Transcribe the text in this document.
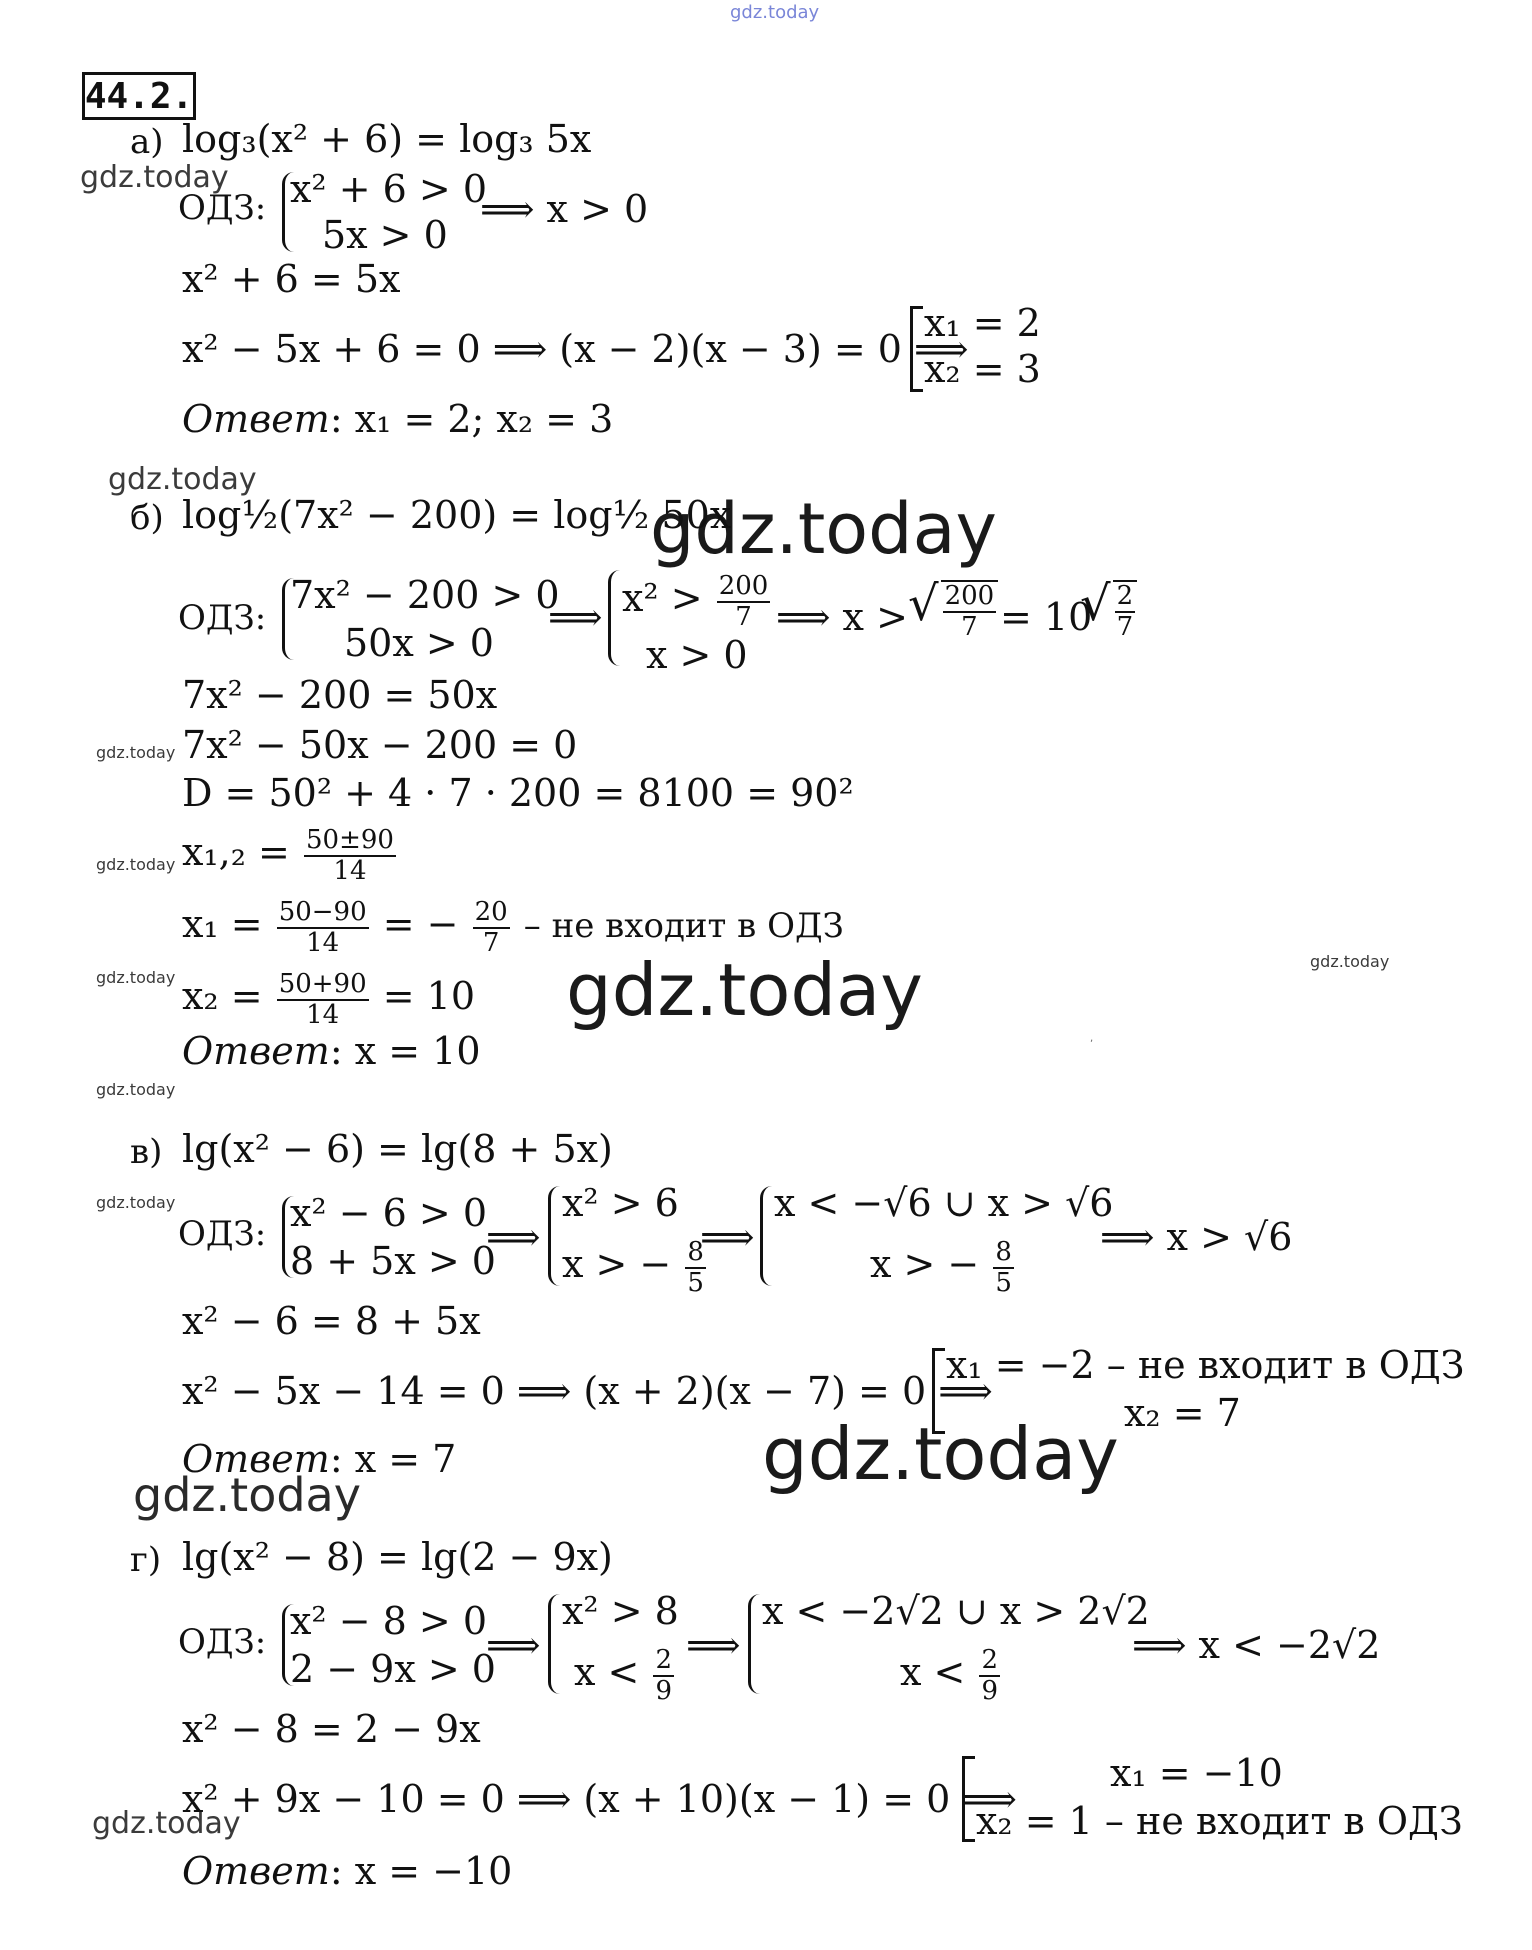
gdz.today
gdz.today
gdz.today
gdz.today
gdz.today
gdz.today
gdz.today	gdz.today	gdz.today
gdz.today
gdz.today
gdz.today
gdz.today
gdz.today
,
44.2.
а) log₃(x² + 6) = log₃ 5x
ОДЗ: x² + 6 > 0
5x > 0
⟹ x > 0
x² + 6 = 5x
x² − 5x + 6 = 0 ⟹ (x − 2)(x − 3) = 0 ⟹
x₁ = 2
x₂ = 3
Ответ: x₁ = 2; x₂ = 3
б) log½(7x² − 200) = log½ 50x
ОДЗ:
7x² − 200 > 0
50x > 0
⟹ $x^2 > \frac{200}{7}$
x > 0
⟹ x > √ $\frac{200}{7} = 10$
√ $\frac{2}{7}$
7x² − 200 = 50x
7x² − 50x − 200 = 0
D = 50² + 4 · 7 · 200 = 8100 = 90²
$x_1,_2 = \frac{50\pm 90}{14}$
$x_1 = \frac{50-90}{14}$ = − $\frac{20}{7}$ – не входит в ОДЗ
$x_2 = \frac{50+90}{14} = 10$
Ответ: x = 10
в) lg(x² − 6) = lg(8 + 5x)
ОДЗ: x² − 6 > 0
8 + 5x > 0
⟹
x² > 6
x > − $\frac{8}{5}$
⟹
x < −√6 ∪ x > √6
x > − $\frac{8}{5}$
⟹ x > √6
x² − 6 = 8 + 5x
x² − 5x − 14 = 0 ⟹ (x + 2)(x − 7) = 0 ⟹
x₁ = −2 – не входит в ОДЗ
x₂ = 7
Ответ: x = 7
г) lg(x² − 8) = lg(2 − 9x)
ОДЗ: x² − 8 > 0
2 − 9x > 0
⟹
x² > 8
$x < \frac{2}{9}$
⟹
x < −2√2 ∪ x > 2√2
$x < \frac{2}{9}$
⟹ x < −2√2
x² − 8 = 2 − 9x
x² + 9x − 10 = 0 ⟹ (x + 10)(x − 1) = 0 ⟹
x₁ = −10
x₂ = 1 – не входит в ОДЗ
Ответ: x = −10
